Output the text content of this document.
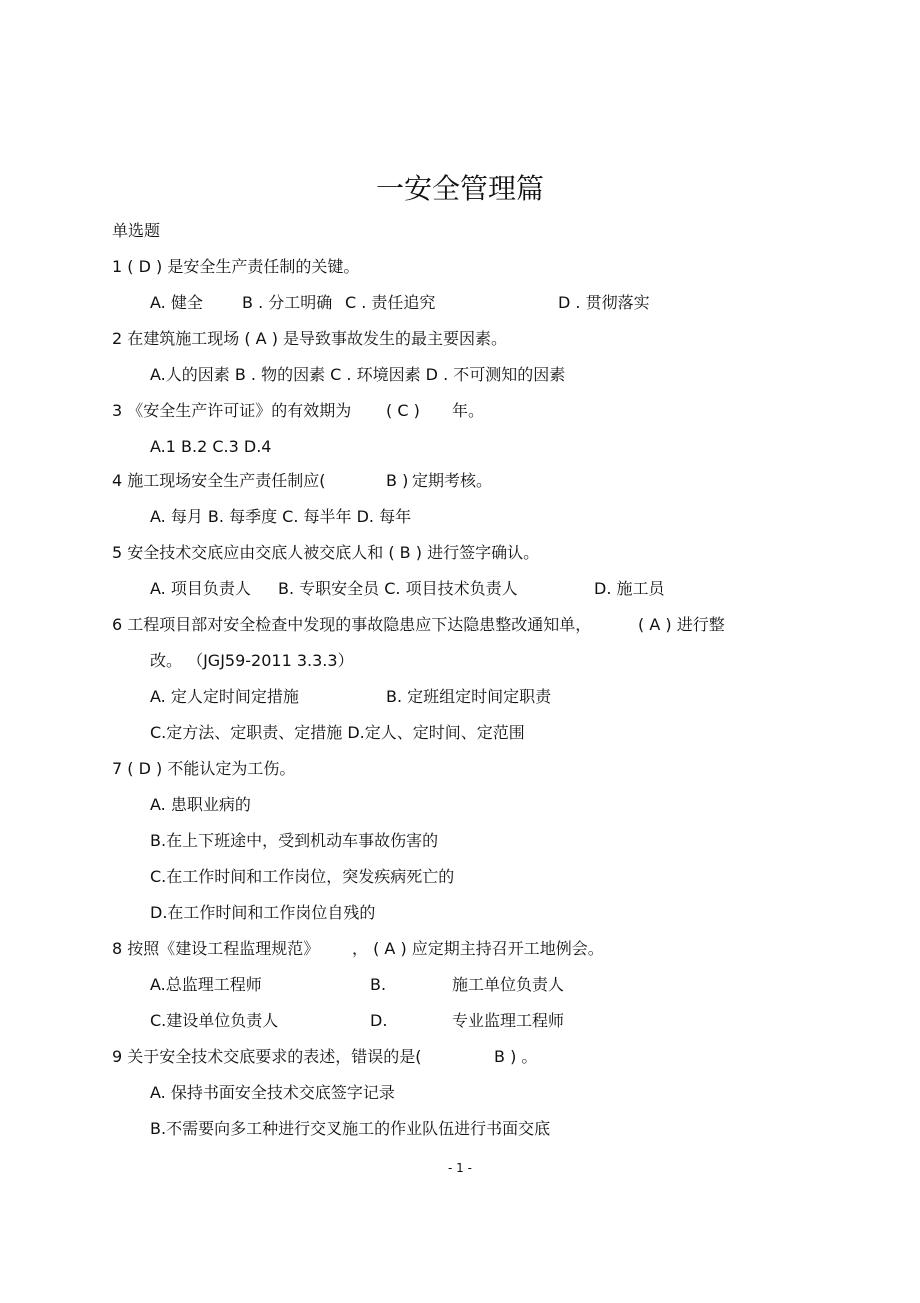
一安全管理篇
单选题
1 ( D ) 是安全生产责任制的关键。
A. 健全 B . 分工明确 C . 责任追究	D . 贯彻落实
2 在建筑施工现场 ( A ) 是导致事故发生的最主要因素。
A.人的因素 B . 物的因素 C . 环境因素 D . 不可测知的因素
3 《安全生产许可证》的有效期为 ( C ) 年。
A.1 B.2 C.3 D.4
4 施工现场安全生产责任制应(	B ) 定期考核。
A. 每月 B. 每季度 C. 每半年 D. 每年
5 安全技术交底应由交底人被交底人和 ( B ) 进行签字确认。
A. 项目负责人 B. 专职安全员 C. 项目技术负责人	D. 施工员
6 工程项目部对安全检查中发现的事故隐患应下达隐患整改通知单，	( A ) 进行整
改。 （JGJ59-2011 3.3.3）
A. 定人定时间定措施	B. 定班组定时间定职责
C.定方法、定职责、定措施 D.定人、定时间、定范围
7 ( D ) 不能认定为工伤。
A. 患职业病的
B.在上下班途中，受到机动车事故伤害的
C.在工作时间和工作岗位，突发疾病死亡的
D.在工作时间和工作岗位自残的
8 按照《建设工程监理规范》 ， ( A ) 应定期主持召开工地例会。
A.总监理工程师	B.	施工单位负责人
C.建设单位负责人	D.	专业监理工程师
9 关于安全技术交底要求的表述，错误的是(	B ) 。
A. 保持书面安全技术交底签字记录
B.不需要向多工种进行交叉施工的作业队伍进行书面交底
- 1 -
